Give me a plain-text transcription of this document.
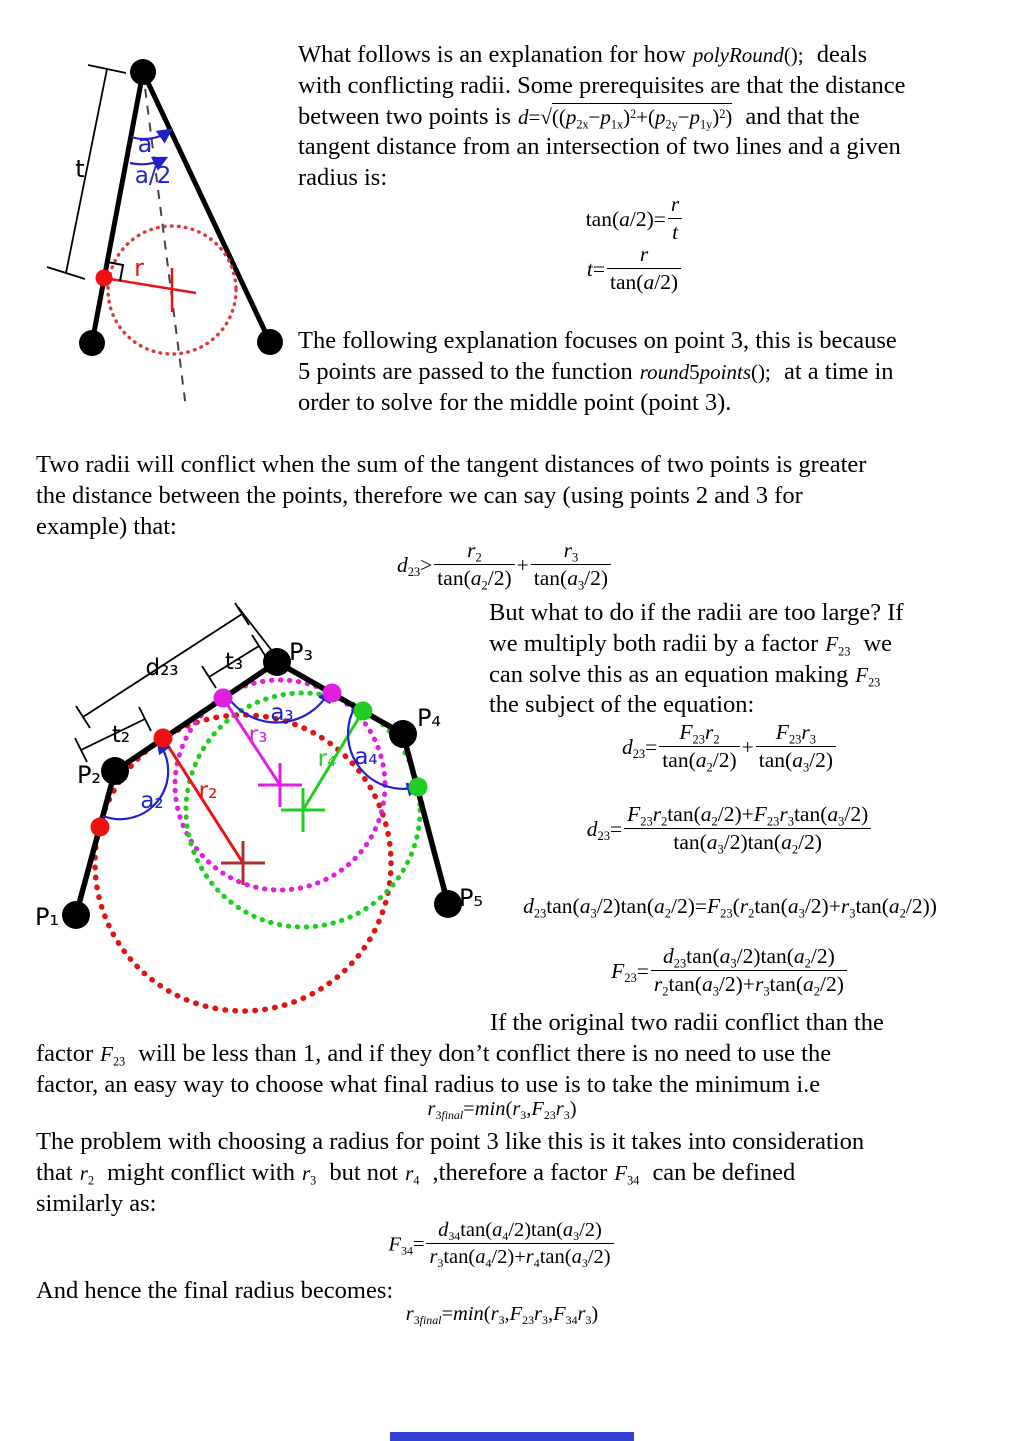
t
a
a/2
r
What follows is an explanation for how polyRound(); deals
with conflicting radii. Some prerequisites are that the distance
between two points is $d=√((p_{2x}-p_{1x})^2+(p_{2y}-p_{1y})^2)$ and that the
tangent distance from an intersection of two lines and a given
radius is:
$\tan(a/2)= \frac{r}{t}$
$t= \frac{r}{\tan(a/2)}$
The following explanation focuses on point 3, this is because
5 points are passed to the function round5points(); at a time in
order to solve for the middle point (point 3).
Two radii will conflict when the sum of the tangent distances of two points is greater
the distance between the points, therefore we can say (using points 2 and 3 for
example) that:
$d_{23}> \frac{r_2}{\tan(a_2/2)} + \frac{r_3}{\tan(a_3/2)}$
But what to do if the radii are too large? If
we multiply both radii by a factor $F_{23}$ we
can solve this as an equation making $F_{23}$
the subject of the equation:
$d_{23}= \frac{F_{23}r_2}{\tan(a_2/2)} + \frac{F_{23}r_3}{\tan(a_3/2)}$
$d_{23}= \frac{F_{23}r_2\tan(a_2/2)+F_{23}r_3\tan(a_3/2)}{\tan(a_3/2)\tan(a_2/2)}$
$d_{23}\tan(a_3/2)\tan(a_2/2)=F_{23}(r_2\tan(a_3/2)+r_3\tan(a_2/2))$
$F_{23}= \frac{d_{23}\tan(a_3/2)\tan(a_2/2)}{r_2\tan(a_3/2)+r_3\tan(a_2/2)}$
If the original two radii conflict than the
factor $F_{23}$ will be less than 1, and if they don’t conflict there is no need to use the
factor, an easy way to choose what final radius to use is to take the minimum i.e
$r_{3final}=\min(r_3,F_{23}r_3)$
The problem with choosing a radius for point 3 like this is it takes into consideration
that $r_2$ might conflict with $r_3$ but not $r_4$ ,therefore a factor $F_{34}$ can be defined
similarly as:
$F_{34}= \frac{d_{34}\tan(a_4/2)\tan(a_3/2)}{r_3\tan(a_4/2)+r_4\tan(a_3/2)}$
And hence the final radius becomes:
$r_{3final}=\min(r_3,F_{23}r_3,F_{34}r_3)$
P₁
P₂
P₃
P₄
P₅
d₂₃ t₃
t₂
a₂
a₃
a₄
r₂
r₃
r₄
